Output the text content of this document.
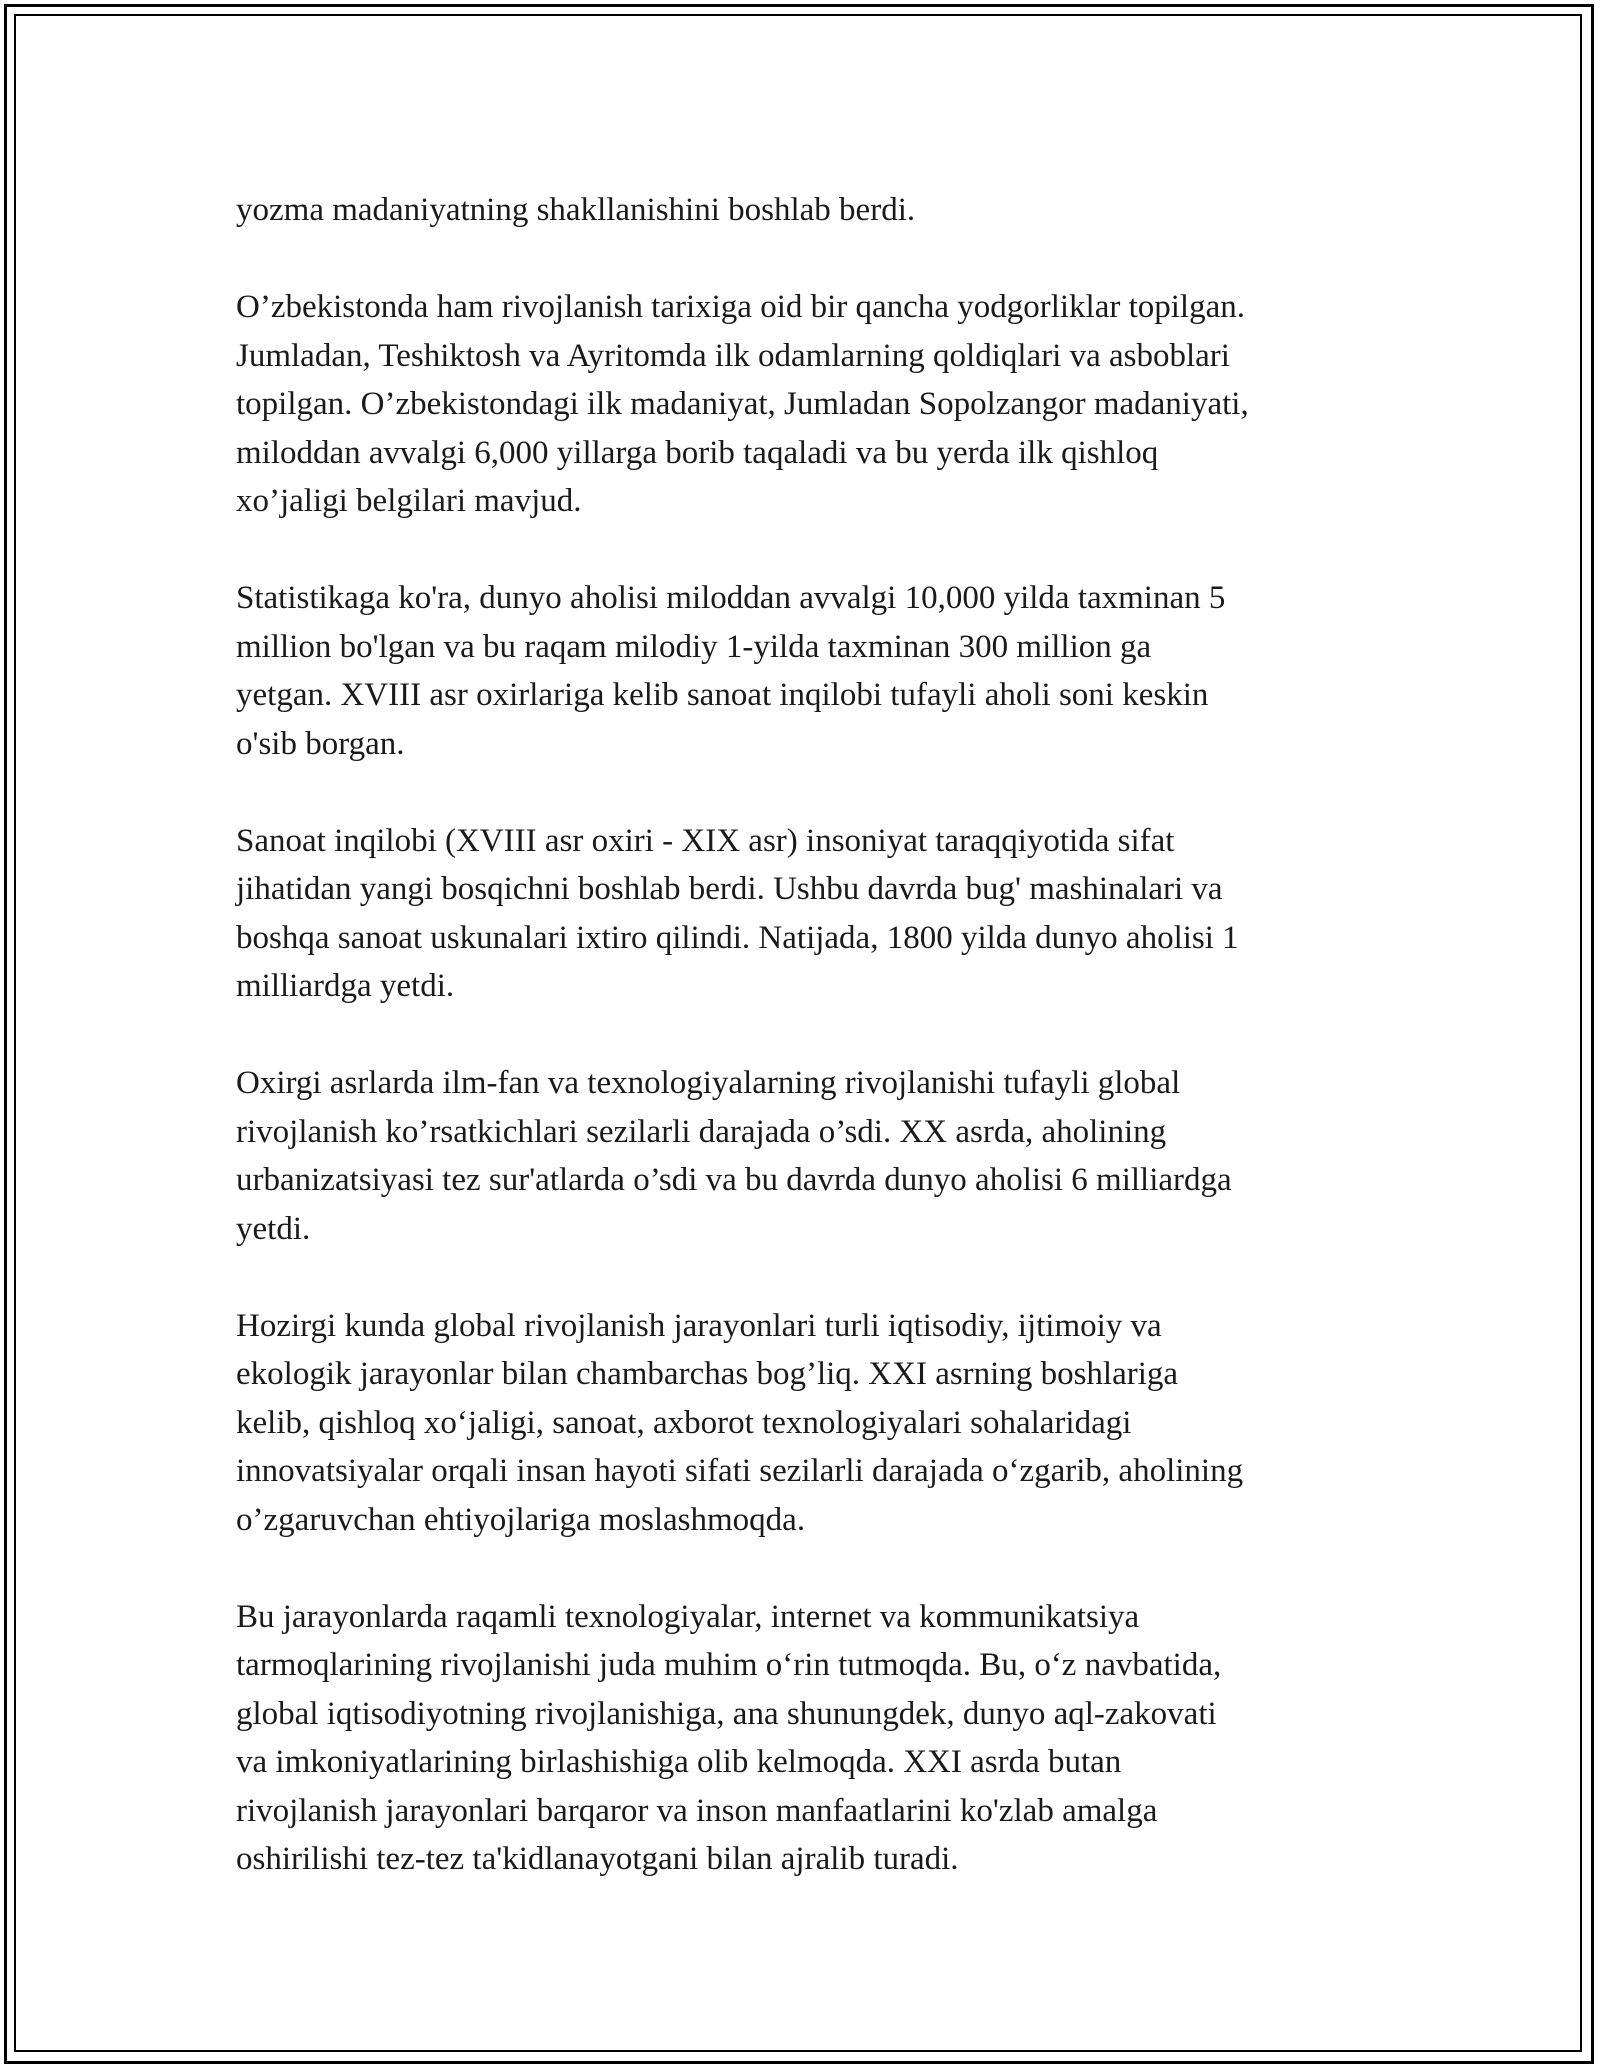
yozma madaniyatning shakllanishini boshlab berdi.

O’zbekistonda ham rivojlanish tarixiga oid bir qancha yodgorliklar topilgan.
Jumladan, Teshiktosh va Ayritomda ilk odamlarning qoldiqlari va asboblari
topilgan. O’zbekistondagi ilk madaniyat, Jumladan Sopolzangor madaniyati,
miloddan avvalgi 6,000 yillarga borib taqaladi va bu yerda ilk qishloq
xo’jaligi belgilari mavjud.

Statistikaga ko'ra, dunyo aholisi miloddan avvalgi 10,000 yilda taxminan 5
million bo'lgan va bu raqam milodiy 1-yilda taxminan 300 million ga
yetgan. XVIII asr oxirlariga kelib sanoat inqilobi tufayli aholi soni keskin
o'sib borgan.

Sanoat inqilobi (XVIII asr oxiri - XIX asr) insoniyat taraqqiyotida sifat
jihatidan yangi bosqichni boshlab berdi. Ushbu davrda bug' mashinalari va
boshqa sanoat uskunalari ixtiro qilindi. Natijada, 1800 yilda dunyo aholisi 1
milliardga yetdi.

Oxirgi asrlarda ilm-fan va texnologiyalarning rivojlanishi tufayli global
rivojlanish ko’rsatkichlari sezilarli darajada o’sdi. XX asrda, aholining
urbanizatsiyasi tez sur'atlarda o’sdi va bu davrda dunyo aholisi 6 milliardga
yetdi.

Hozirgi kunda global rivojlanish jarayonlari turli iqtisodiy, ijtimoiy va
ekologik jarayonlar bilan chambarchas bog’liq. XXI asrning boshlariga
kelib, qishloq xo‘jaligi, sanoat, axborot texnologiyalari sohalaridagi
innovatsiyalar orqali insan hayoti sifati sezilarli darajada o‘zgarib, aholining
o’zgaruvchan ehtiyojlariga moslashmoqda.

Bu jarayonlarda raqamli texnologiyalar, internet va kommunikatsiya
tarmoqlarining rivojlanishi juda muhim o‘rin tutmoqda. Bu, o‘z navbatida,
global iqtisodiyotning rivojlanishiga, ana shunungdek, dunyo aql-zakovati
va imkoniyatlarining birlashishiga olib kelmoqda. XXI asrda butan
rivojlanish jarayonlari barqaror va inson manfaatlarini ko'zlab amalga
oshirilishi tez-tez ta'kidlanayotgani bilan ajralib turadi.
